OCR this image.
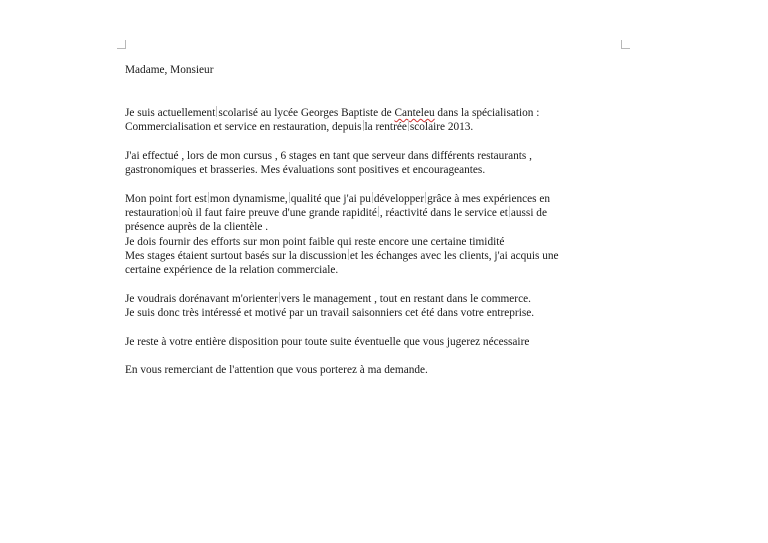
Madame, Monsieur
Je suis actuellement scolarisé au lycée Georges Baptiste de Canteleu dans la spécialisation :
Commercialisation et service en restauration, depuis la rentrée scolaire 2013.
J'ai effectué , lors de mon cursus , 6 stages en tant que serveur dans différents restaurants ,
gastronomiques et brasseries. Mes évaluations sont positives et encourageantes.
Mon point fort est mon dynamisme, qualité que j'ai pu développer grâce à mes expériences en
restauration où il faut faire preuve d'une grande rapidité , réactivité dans le service et aussi de
présence auprès de la clientèle .
Je dois fournir des efforts sur mon point faible qui reste encore une certaine timidité
Mes stages étaient surtout basés sur la discussion et les échanges avec les clients, j'ai acquis une
certaine expérience de la relation commerciale.
Je voudrais dorénavant m'orienter vers le management , tout en restant dans le commerce.
Je suis donc très intéressé et motivé par un travail saisonniers cet été dans votre entreprise.
Je reste à votre entière disposition pour toute suite éventuelle que vous jugerez nécessaire
En vous remerciant de l'attention que vous porterez à ma demande.
